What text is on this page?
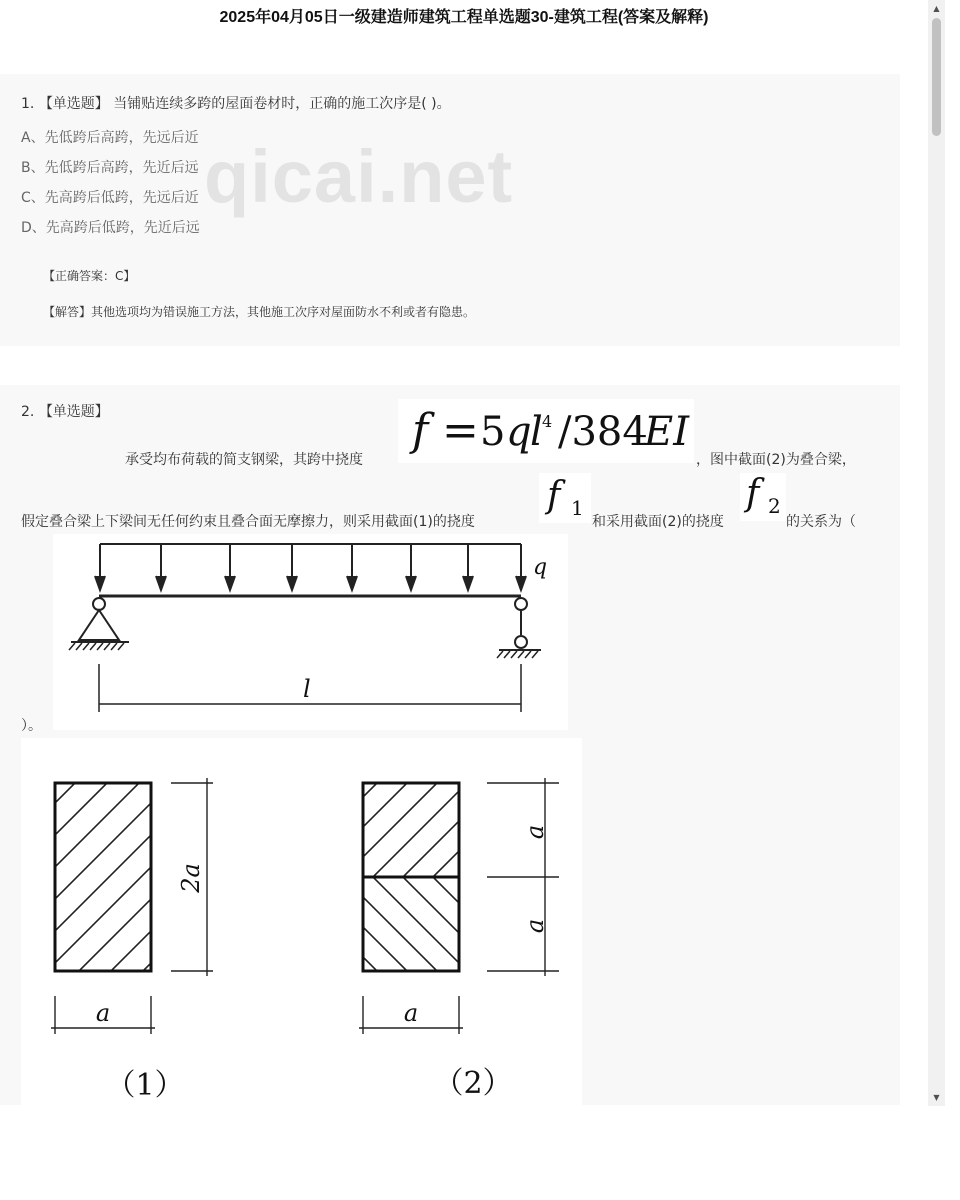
2025年04月05日一级建造师建筑工程单选题30-建筑工程(答案及解释)
qicai.net
1. 【单选题】 当铺贴连续多跨的屋面卷材时，正确的施工次序是( )。
A、先低跨后高跨，先远后近
B、先低跨后高跨，先近后远
C、先高跨后低跨，先远后近
D、先高跨后低跨，先近后远
【正确答案：C】
【解答】其他选项均为错误施工方法，其他施工次序对屋面防水不利或者有隐患。
2. 【单选题】
承受均布荷载的简支钢梁，其跨中挠度
f = 5 q
l 4 /384
EI
，图中截面(2)为叠合梁，
假定叠合梁上下梁间无任何约束且叠合面无摩擦力，则采用截面(1)的挠度
f 1
和采用截面(2)的挠度
f 2
的关系为（
q
l
）。
2a
a
a
a
a
（1）	（2）
▲
▼
